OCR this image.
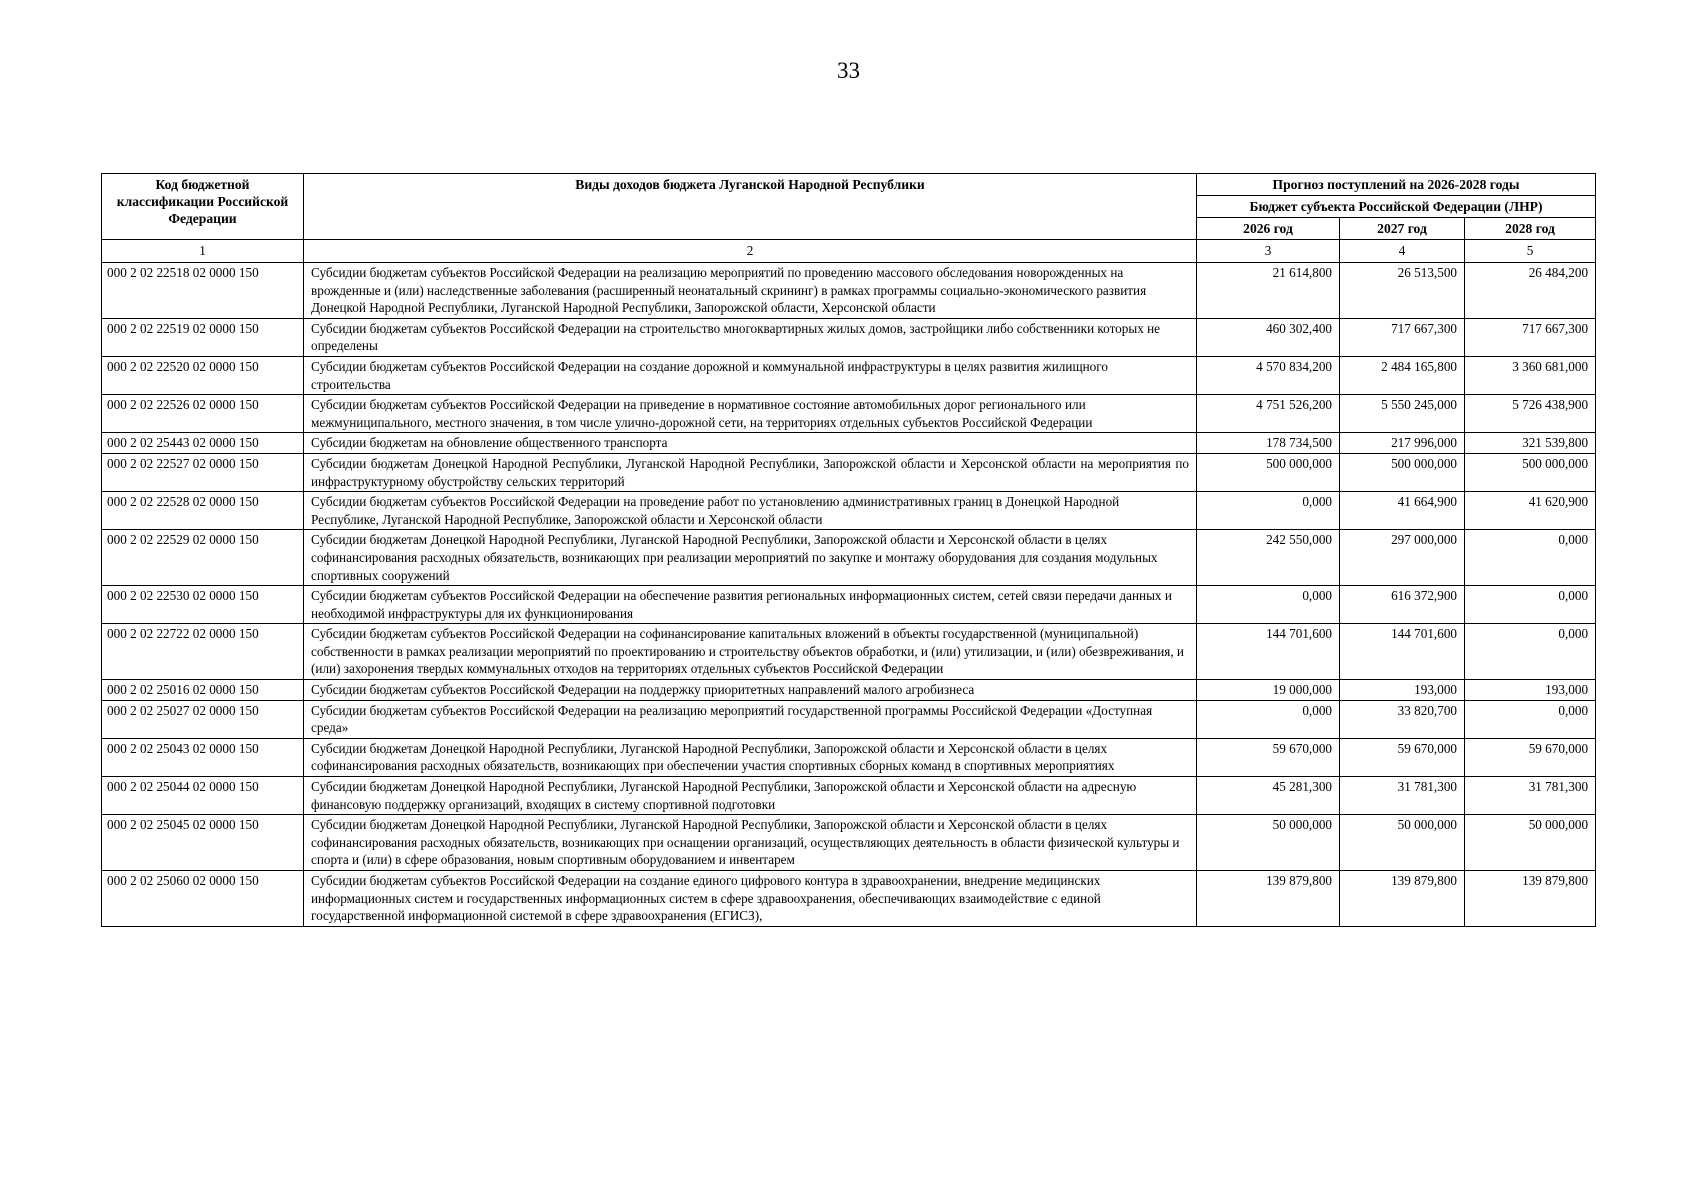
33
Код бюджетной классификации Российской Федерации	Виды доходов бюджета Луганской Народной Республики	Прогноз поступлений на 2026-2028 годы		
		Бюджет субъекта Российской Федерации (ЛНР)		
		2026 год	2027 год	2028 год
1	2	3	4	5
000 2 02 22518 02 0000 150	Субсидии бюджетам субъектов Российской Федерации на реализацию мероприятий по проведению массового обследования новорожденных на врожденные и (или) наследственные заболевания (расширенный неонатальный скрининг) в рамках программы социально-экономического развития Донецкой Народной Республики, Луганской Народной Республики, Запорожской области, Херсонской области	21 614,800	26 513,500	26 484,200
000 2 02 22519 02 0000 150	Субсидии бюджетам субъектов Российской Федерации на строительство многоквартирных жилых домов, застройщики либо собственники которых не определены	460 302,400	717 667,300	717 667,300
000 2 02 22520 02 0000 150	Субсидии бюджетам субъектов Российской Федерации на создание дорожной и коммунальной инфраструктуры в целях развития жилищного строительства	4 570 834,200	2 484 165,800	3 360 681,000
000 2 02 22526 02 0000 150	Субсидии бюджетам субъектов Российской Федерации на приведение в нормативное состояние автомобильных дорог регионального или межмуниципального, местного значения, в том числе улично-дорожной сети, на территориях отдельных субъектов Российской Федерации	4 751 526,200	5 550 245,000	5 726 438,900
000 2 02 25443 02 0000 150	Субсидии бюджетам на обновление общественного транспорта	178 734,500	217 996,000	321 539,800
000 2 02 22527 02 0000 150	Субсидии бюджетам Донецкой Народной Республики, Луганской Народной Республики, Запорожской области и Херсонской области на мероприятия по инфраструктурному обустройству сельских территорий	500 000,000	500 000,000	500 000,000
000 2 02 22528 02 0000 150	Субсидии бюджетам субъектов Российской Федерации на проведение работ по установлению административных границ в Донецкой Народной Республике, Луганской Народной Республике, Запорожской области и Херсонской области	0,000	41 664,900	41 620,900
000 2 02 22529 02 0000 150	Субсидии бюджетам Донецкой Народной Республики, Луганской Народной Республики, Запорожской области и Херсонской области в целях софинансирования расходных обязательств, возникающих при реализации мероприятий по закупке и монтажу оборудования для создания модульных спортивных сооружений	242 550,000	297 000,000	0,000
000 2 02 22530 02 0000 150	Субсидии бюджетам субъектов Российской Федерации на обеспечение развития региональных информационных систем, сетей связи передачи данных и необходимой инфраструктуры для их функционирования	0,000	616 372,900	0,000
000 2 02 22722 02 0000 150	Субсидии бюджетам субъектов Российской Федерации на софинансирование капитальных вложений в объекты государственной (муниципальной) собственности в рамках реализации мероприятий по проектированию и строительству объектов обработки, и (или) утилизации, и (или) обезвреживания, и (или) захоронения твердых коммунальных отходов на территориях отдельных субъектов Российской Федерации	144 701,600	144 701,600	0,000
000 2 02 25016 02 0000 150	Субсидии бюджетам субъектов Российской Федерации на поддержку приоритетных направлений малого агробизнеса	19 000,000	193,000	193,000
000 2 02 25027 02 0000 150	Субсидии бюджетам субъектов Российской Федерации на реализацию мероприятий государственной программы Российской Федерации «Доступная среда»	0,000	33 820,700	0,000
000 2 02 25043 02 0000 150	Субсидии бюджетам Донецкой Народной Республики, Луганской Народной Республики, Запорожской области и Херсонской области в целях софинансирования расходных обязательств, возникающих при обеспечении участия спортивных сборных команд в спортивных мероприятиях	59 670,000	59 670,000	59 670,000
000 2 02 25044 02 0000 150	Субсидии бюджетам Донецкой Народной Республики, Луганской Народной Республики, Запорожской области и Херсонской области на адресную финансовую поддержку организаций, входящих в систему спортивной подготовки	45 281,300	31 781,300	31 781,300
000 2 02 25045 02 0000 150	Субсидии бюджетам Донецкой Народной Республики, Луганской Народной Республики, Запорожской области и Херсонской области в целях софинансирования расходных обязательств, возникающих при оснащении организаций, осуществляющих деятельность в области физической культуры и спорта и (или) в сфере образования, новым спортивным оборудованием и инвентарем	50 000,000	50 000,000	50 000,000
000 2 02 25060 02 0000 150	Субсидии бюджетам субъектов Российской Федерации на создание единого цифрового контура в здравоохранении, внедрение медицинских информационных систем и государственных информационных систем в сфере здравоохранения, обеспечивающих взаимодействие с единой государственной информационной системой в сфере здравоохранения (ЕГИСЗ),	139 879,800	139 879,800	139 879,800
